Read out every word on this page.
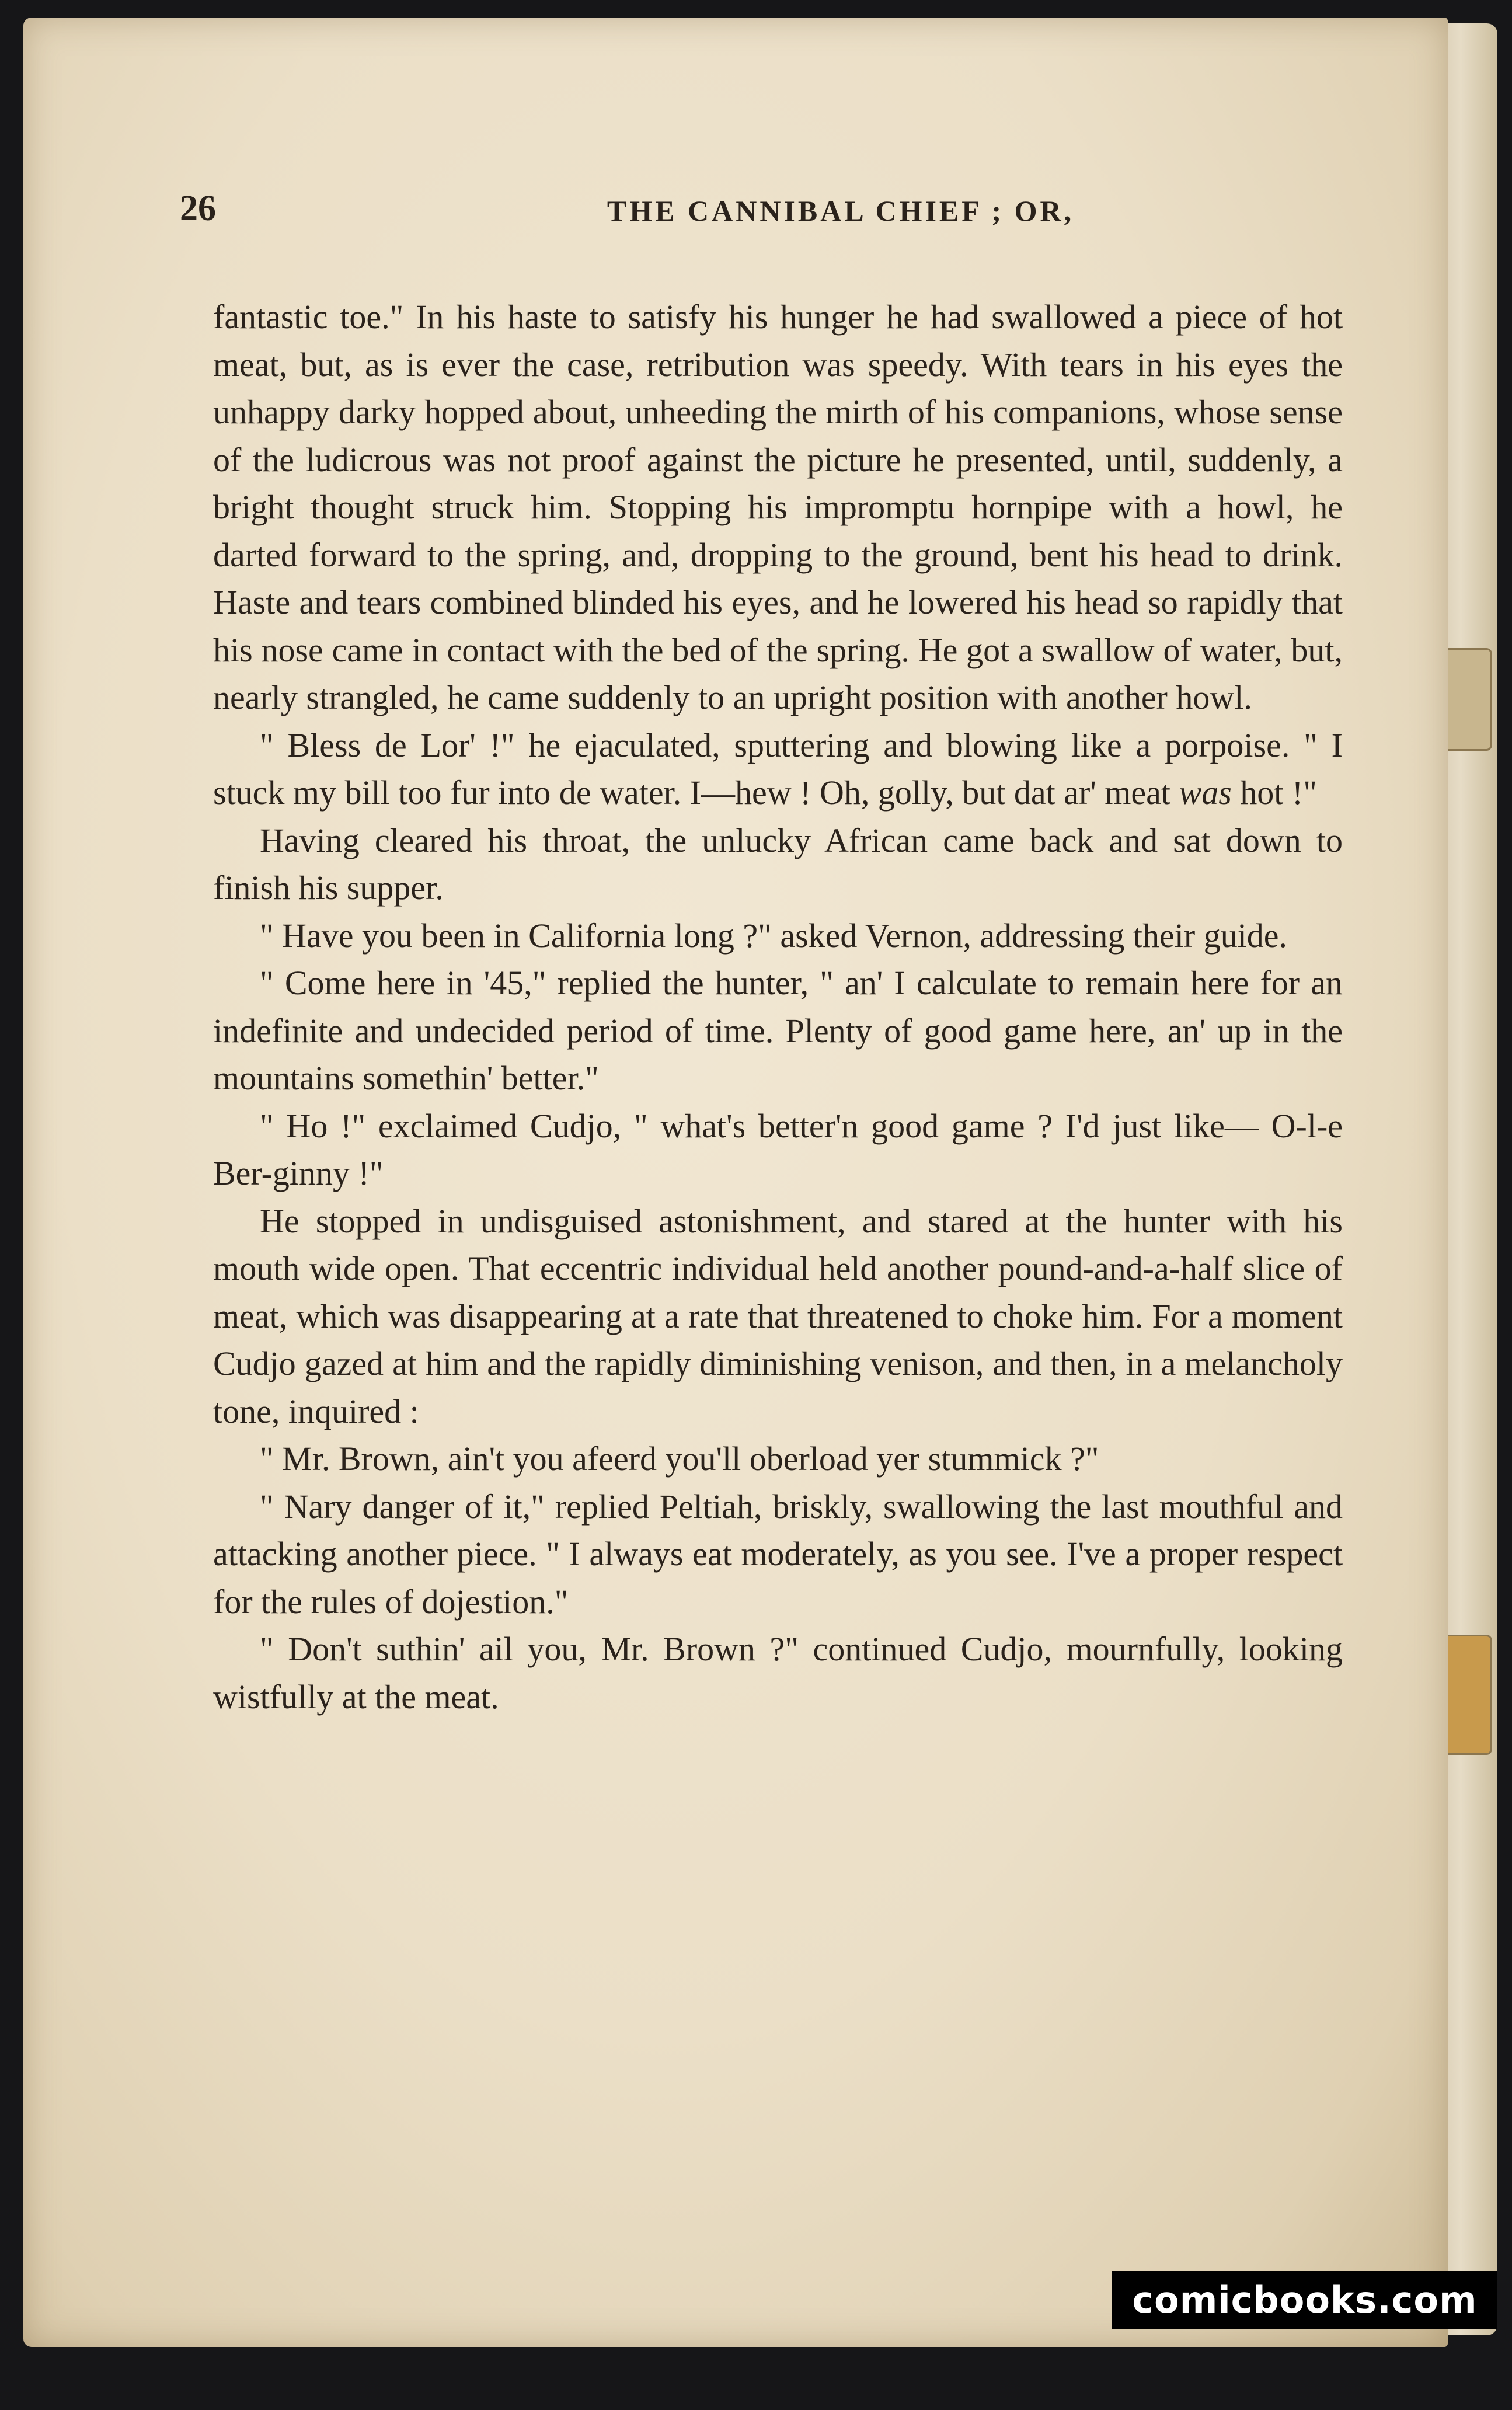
26	THE CANNIBAL CHIEF ; OR,

fantastic toe." In his haste to satisfy his hunger he had swallowed a piece of hot meat, but, as is ever the case, retribution was speedy. With tears in his eyes the unhappy darky hopped about, unheeding the mirth of his companions, whose sense of the ludicrous was not proof against the picture he presented, until, suddenly, a bright thought struck him. Stopping his impromptu hornpipe with a howl, he darted forward to the spring, and, dropping to the ground, bent his head to drink. Haste and tears combined blinded his eyes, and he lowered his head so rapidly that his nose came in contact with the bed of the spring. He got a swallow of water, but, nearly strangled, he came suddenly to an upright position with another howl.

" Bless de Lor' !" he ejaculated, sputtering and blowing like a porpoise. " I stuck my bill too fur into de water. I—hew ! Oh, golly, but dat ar' meat was hot !"

Having cleared his throat, the unlucky African came back and sat down to finish his supper.

" Have you been in California long ?" asked Vernon, addressing their guide.

" Come here in '45," replied the hunter, " an' I calculate to remain here for an indefinite and undecided period of time. Plenty of good game here, an' up in the mountains somethin' better."

" Ho !" exclaimed Cudjo, " what's better'n good game ? I'd just like— O-l-e Ber-ginny !"

He stopped in undisguised astonishment, and stared at the hunter with his mouth wide open. That eccentric individual held another pound-and-a-half slice of meat, which was disappearing at a rate that threatened to choke him. For a moment Cudjo gazed at him and the rapidly diminishing venison, and then, in a melancholy tone, inquired :

" Mr. Brown, ain't you afeerd you'll oberload yer stummick ?"

" Nary danger of it," replied Peltiah, briskly, swallowing the last mouthful and attacking another piece. " I always eat moderately, as you see. I've a proper respect for the rules of dojestion."

" Don't suthin' ail you, Mr. Brown ?" continued Cudjo, mournfully, looking wistfully at the meat.

comicbooks.com
